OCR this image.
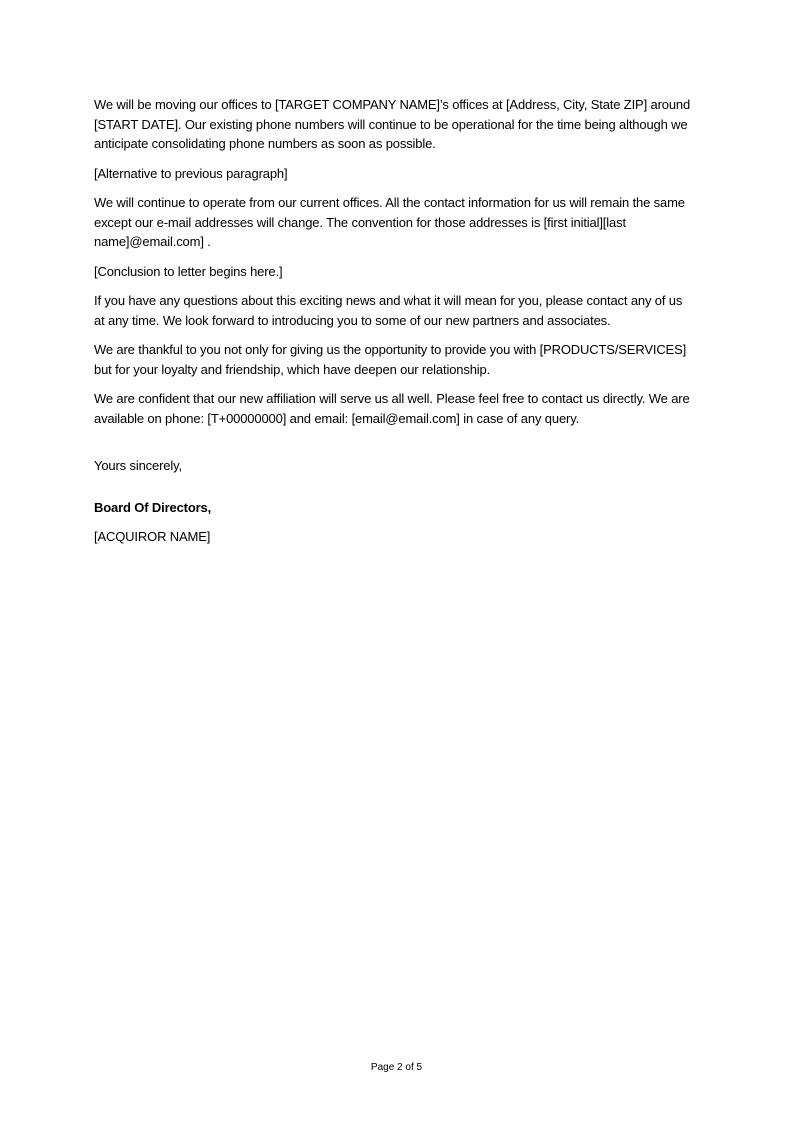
We will be moving our offices to [TARGET COMPANY NAME]’s offices at [Address, City, State ZIP] around [START DATE]. Our existing phone numbers will continue to be operational for the time being although we anticipate consolidating phone numbers as soon as possible.

[Alternative to previous paragraph]

We will continue to operate from our current offices. All the contact information for us will remain the same except our e-mail addresses will change. The convention for those addresses is [first initial][last name]@email.com] .

[Conclusion to letter begins here.]

If you have any questions about this exciting news and what it will mean for you, please contact any of us at any time. We look forward to introducing you to some of our new partners and associates.

We are thankful to you not only for giving us the opportunity to provide you with [PRODUCTS/SERVICES] but for your loyalty and friendship, which have deepen our relationship.

We are confident that our new affiliation will serve us all well. Please feel free to contact us directly. We are available on phone: [T+00000000] and email: [email@email.com] in case of any query.

Yours sincerely,

Board Of Directors,

[ACQUIROR NAME]

Page 2 of 5
